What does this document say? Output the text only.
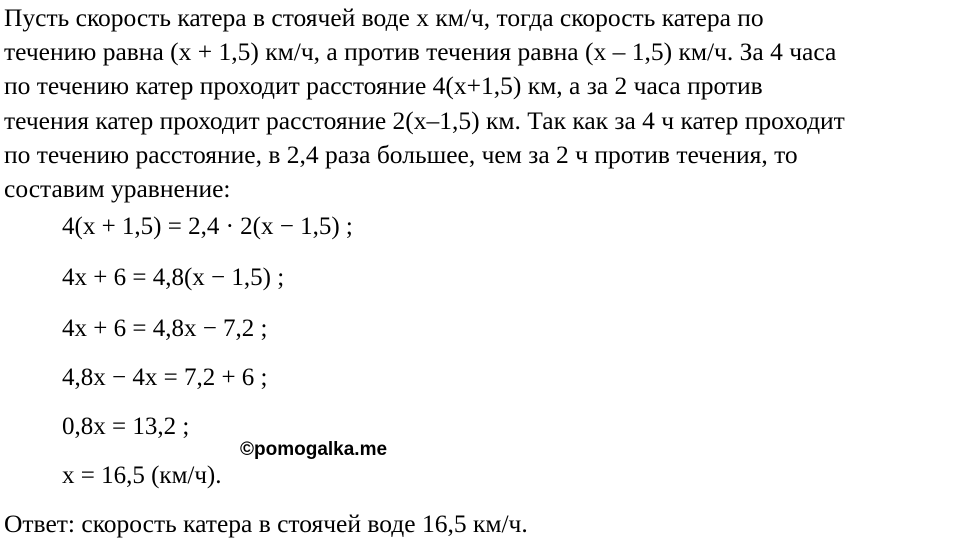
Пусть скорость катера в стоячей воде x км/ч, тогда скорость катера по
течению равна (x + 1,5) км/ч, а против течения равна (x – 1,5) км/ч. За 4 часа
по течению катер проходит расстояние 4(x+1,5) км, а за 2 часа против
течения катер проходит расстояние 2(x–1,5) км. Так как за 4 ч катер проходит
по течению расстояние, в 2,4 раза большее, чем за 2 ч против течения, то
составим уравнение:

4(x + 1,5) = 2,4 · 2(x − 1,5) ;

4x + 6 = 4,8(x − 1,5) ;

4x + 6 = 4,8x − 7,2 ;

4,8x − 4x = 7,2 + 6 ;

0,8x = 13,2 ;

x = 16,5 (км/ч).

©pomogalka.me

Ответ: скорость катера в стоячей воде 16,5 км/ч.
